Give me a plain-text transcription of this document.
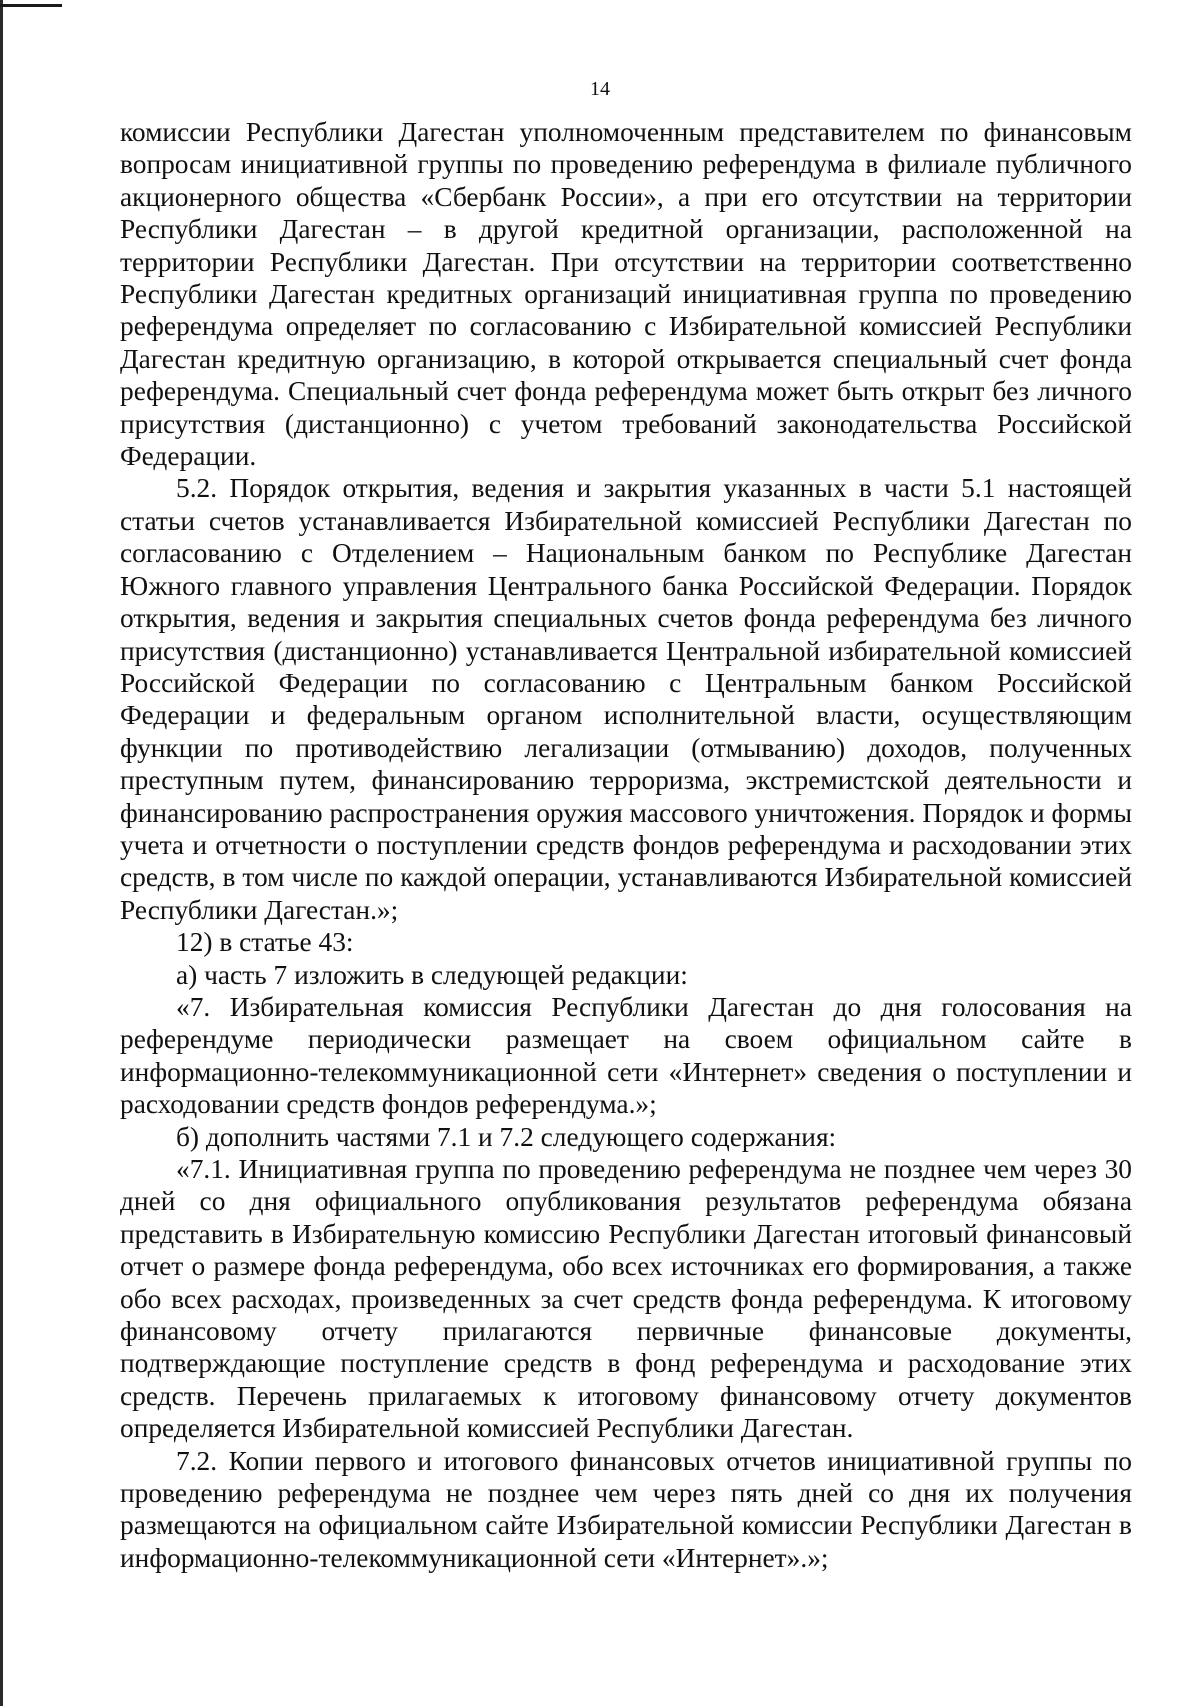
14

комиссии Республики Дагестан уполномоченным представителем по финансовым вопросам инициативной группы по проведению референдума в филиале публичного акционерного общества «Сбербанк России», а при его отсутствии на территории Республики Дагестан – в другой кредитной организации, расположенной на территории Республики Дагестан. При отсутствии на территории соответственно Республики Дагестан кредитных организаций инициативная группа по проведению референдума определяет по согласованию с Избирательной комиссией Республики Дагестан кредитную организацию, в которой открывается специальный счет фонда референдума. Специальный счет фонда референдума может быть открыт без личного присутствия (дистанционно) с учетом требований законодательства Российской Федерации.

5.2. Порядок открытия, ведения и закрытия указанных в части 5.1 настоящей статьи счетов устанавливается Избирательной комиссией Республики Дагестан по согласованию с Отделением – Национальным банком по Республике Дагестан Южного главного управления Центрального банка Российской Федерации. Порядок открытия, ведения и закрытия специальных счетов фонда референдума без личного присутствия (дистанционно) устанавливается Центральной избирательной комиссией Российской Федерации по согласованию с Центральным банком Российской Федерации и федеральным органом исполнительной власти, осуществляющим функции по противодействию легализации (отмыванию) доходов, полученных преступным путем, финансированию терроризма, экстремистской деятельности и финансированию распространения оружия массового уничтожения. Порядок и формы учета и отчетности о поступлении средств фондов референдума и расходовании этих средств, в том числе по каждой операции, устанавливаются Избирательной комиссией Республики Дагестан.»;

12) в статье 43:

а) часть 7 изложить в следующей редакции:

«7. Избирательная комиссия Республики Дагестан до дня голосования на референдуме периодически размещает на своем официальном сайте в информационно-телекоммуникационной сети «Интернет» сведения о поступлении и расходовании средств фондов референдума.»;

б) дополнить частями 7.1 и 7.2 следующего содержания:

«7.1. Инициативная группа по проведению референдума не позднее чем через 30 дней со дня официального опубликования результатов референдума обязана представить в Избирательную комиссию Республики Дагестан итоговый финансовый отчет о размере фонда референдума, обо всех источниках его формирования, а также обо всех расходах, произведенных за счет средств фонда референдума. К итоговому финансовому отчету прилагаются первичные финансовые документы, подтверждающие поступление средств в фонд референдума и расходование этих средств. Перечень прилагаемых к итоговому финансовому отчету документов определяется Избирательной комиссией Республики Дагестан.

7.2. Копии первого и итогового финансовых отчетов инициативной группы по проведению референдума не позднее чем через пять дней со дня их получения размещаются на официальном сайте Избирательной комиссии Республики Дагестан в информационно-телекоммуникационной сети «Интернет».»;
